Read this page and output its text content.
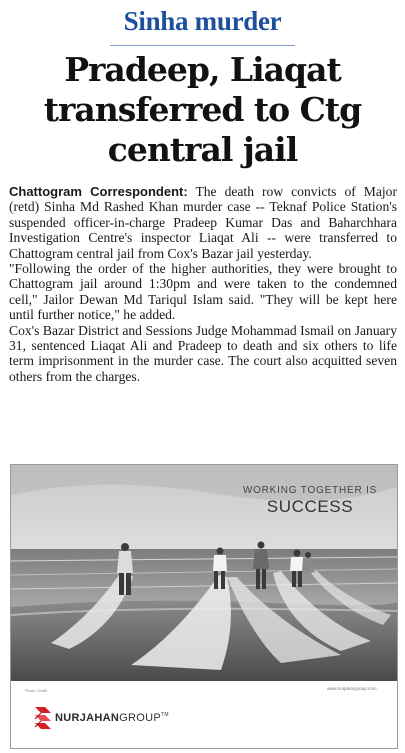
Sinha murder
Pradeep, Liaqat
transferred to Ctg
central jail

Chattogram Correspondent: The death row convicts of Major (retd) Sinha Md Rashed Khan murder case -- Teknaf Police Station's suspended officer-in-charge Pradeep Kumar Das and Baharchhara Investigation Centre's inspector Liaqat Ali -- were transferred to Chattogram central jail from Cox's Bazar jail yesterday.

"Following the order of the higher authorities, they were brought to Chattogram jail around 1:30pm and were taken to the condemned cell," Jailor Dewan Md Tariqul Islam said. "They will be kept here until further notice," he added.

Cox's Bazar District and Sessions Judge Mohammad Ismail on January 31, sentenced Liaqat Ali and Pradeep to death and six others to life term imprisonment in the murder case. The court also acquitted seven others from the charges.

WORKING TOGETHER IS
SUCCESS
Photo Credit	www.nurjahangroup.com
NURJAHANGROUP™
